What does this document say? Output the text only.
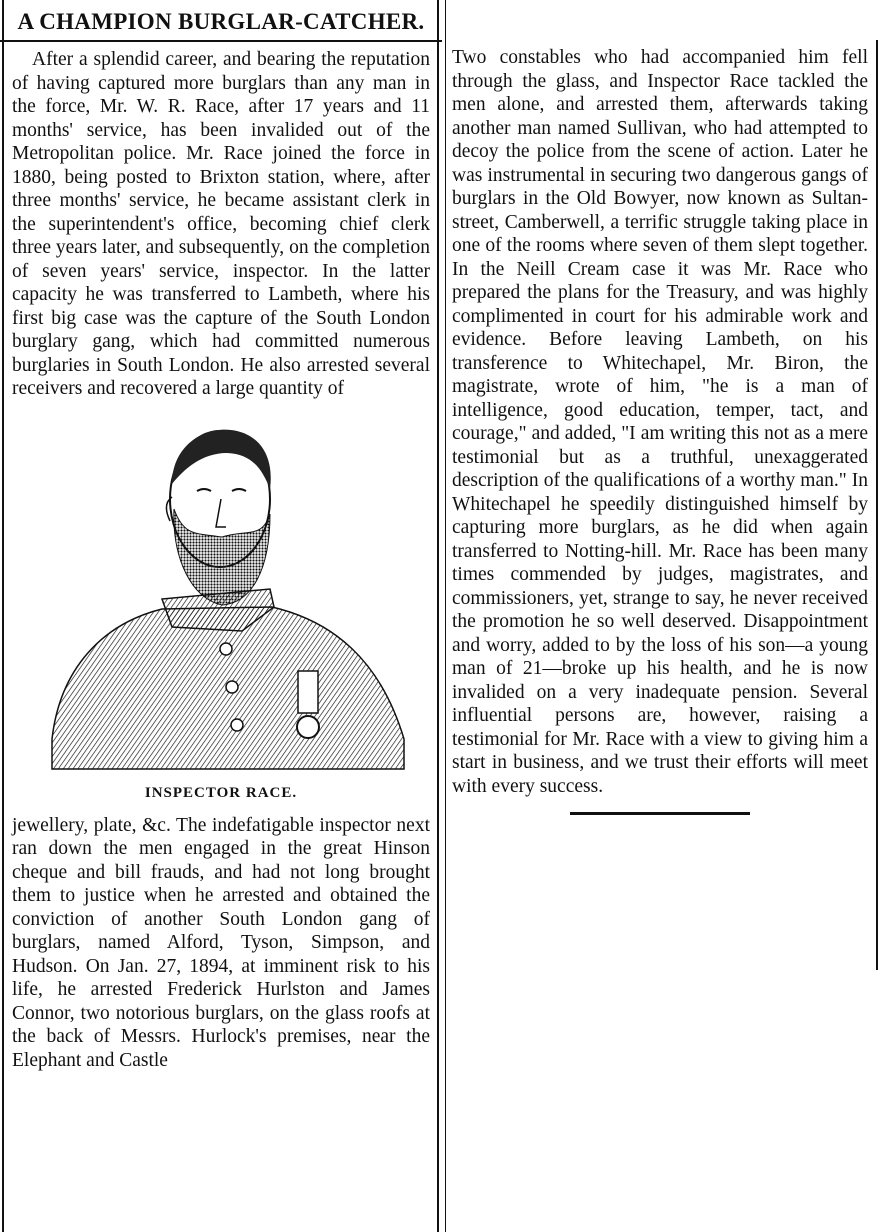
A CHAMPION BURGLAR-CATCHER.

After a splendid career, and bearing the reputation of having captured more burglars than any man in the force, Mr. W. R. Race, after 17 years and 11 months' service, has been invalided out of the Metropolitan police. Mr. Race joined the force in 1880, being posted to Brixton station, where, after three months' service, he became assistant clerk in the superintendent's office, becoming chief clerk three years later, and subsequently, on the completion of seven years' service, inspector. In the latter capacity he was transferred to Lambeth, where his first big case was the capture of the South London burglary gang, which had committed numerous burglaries in South London. He also arrested several receivers and recovered a large quantity of

INSPECTOR RACE.

jewellery, plate, &c. The indefatigable inspector next ran down the men engaged in the great Hinson cheque and bill frauds, and had not long brought them to justice when he arrested and obtained the conviction of another South London gang of burglars, named Alford, Tyson, Simpson, and Hudson. On Jan. 27, 1894, at imminent risk to his life, he arrested Frederick Hurlston and James Connor, two notorious burglars, on the glass roofs at the back of Messrs. Hurlock's premises, near the Elephant and Castle

Two constables who had accompanied him fell through the glass, and Inspector Race tackled the men alone, and arrested them, afterwards taking another man named Sullivan, who had attempted to decoy the police from the scene of action. Later he was instrumental in securing two dangerous gangs of burglars in the Old Bowyer, now known as Sultan-street, Camberwell, a terrific struggle taking place in one of the rooms where seven of them slept together. In the Neill Cream case it was Mr. Race who prepared the plans for the Treasury, and was highly complimented in court for his admirable work and evidence. Before leaving Lambeth, on his transference to Whitechapel, Mr. Biron, the magistrate, wrote of him, "he is a man of intelligence, good education, temper, tact, and courage," and added, "I am writing this not as a mere testimonial but as a truthful, unexaggerated description of the qualifications of a worthy man." In Whitechapel he speedily distinguished himself by capturing more burglars, as he did when again transferred to Notting-hill. Mr. Race has been many times commended by judges, magistrates, and commissioners, yet, strange to say, he never received the promotion he so well deserved. Disappointment and worry, added to by the loss of his son—a young man of 21—broke up his health, and he is now invalided on a very inadequate pension. Several influential persons are, however, raising a testimonial for Mr. Race with a view to giving him a start in business, and we trust their efforts will meet with every success.
